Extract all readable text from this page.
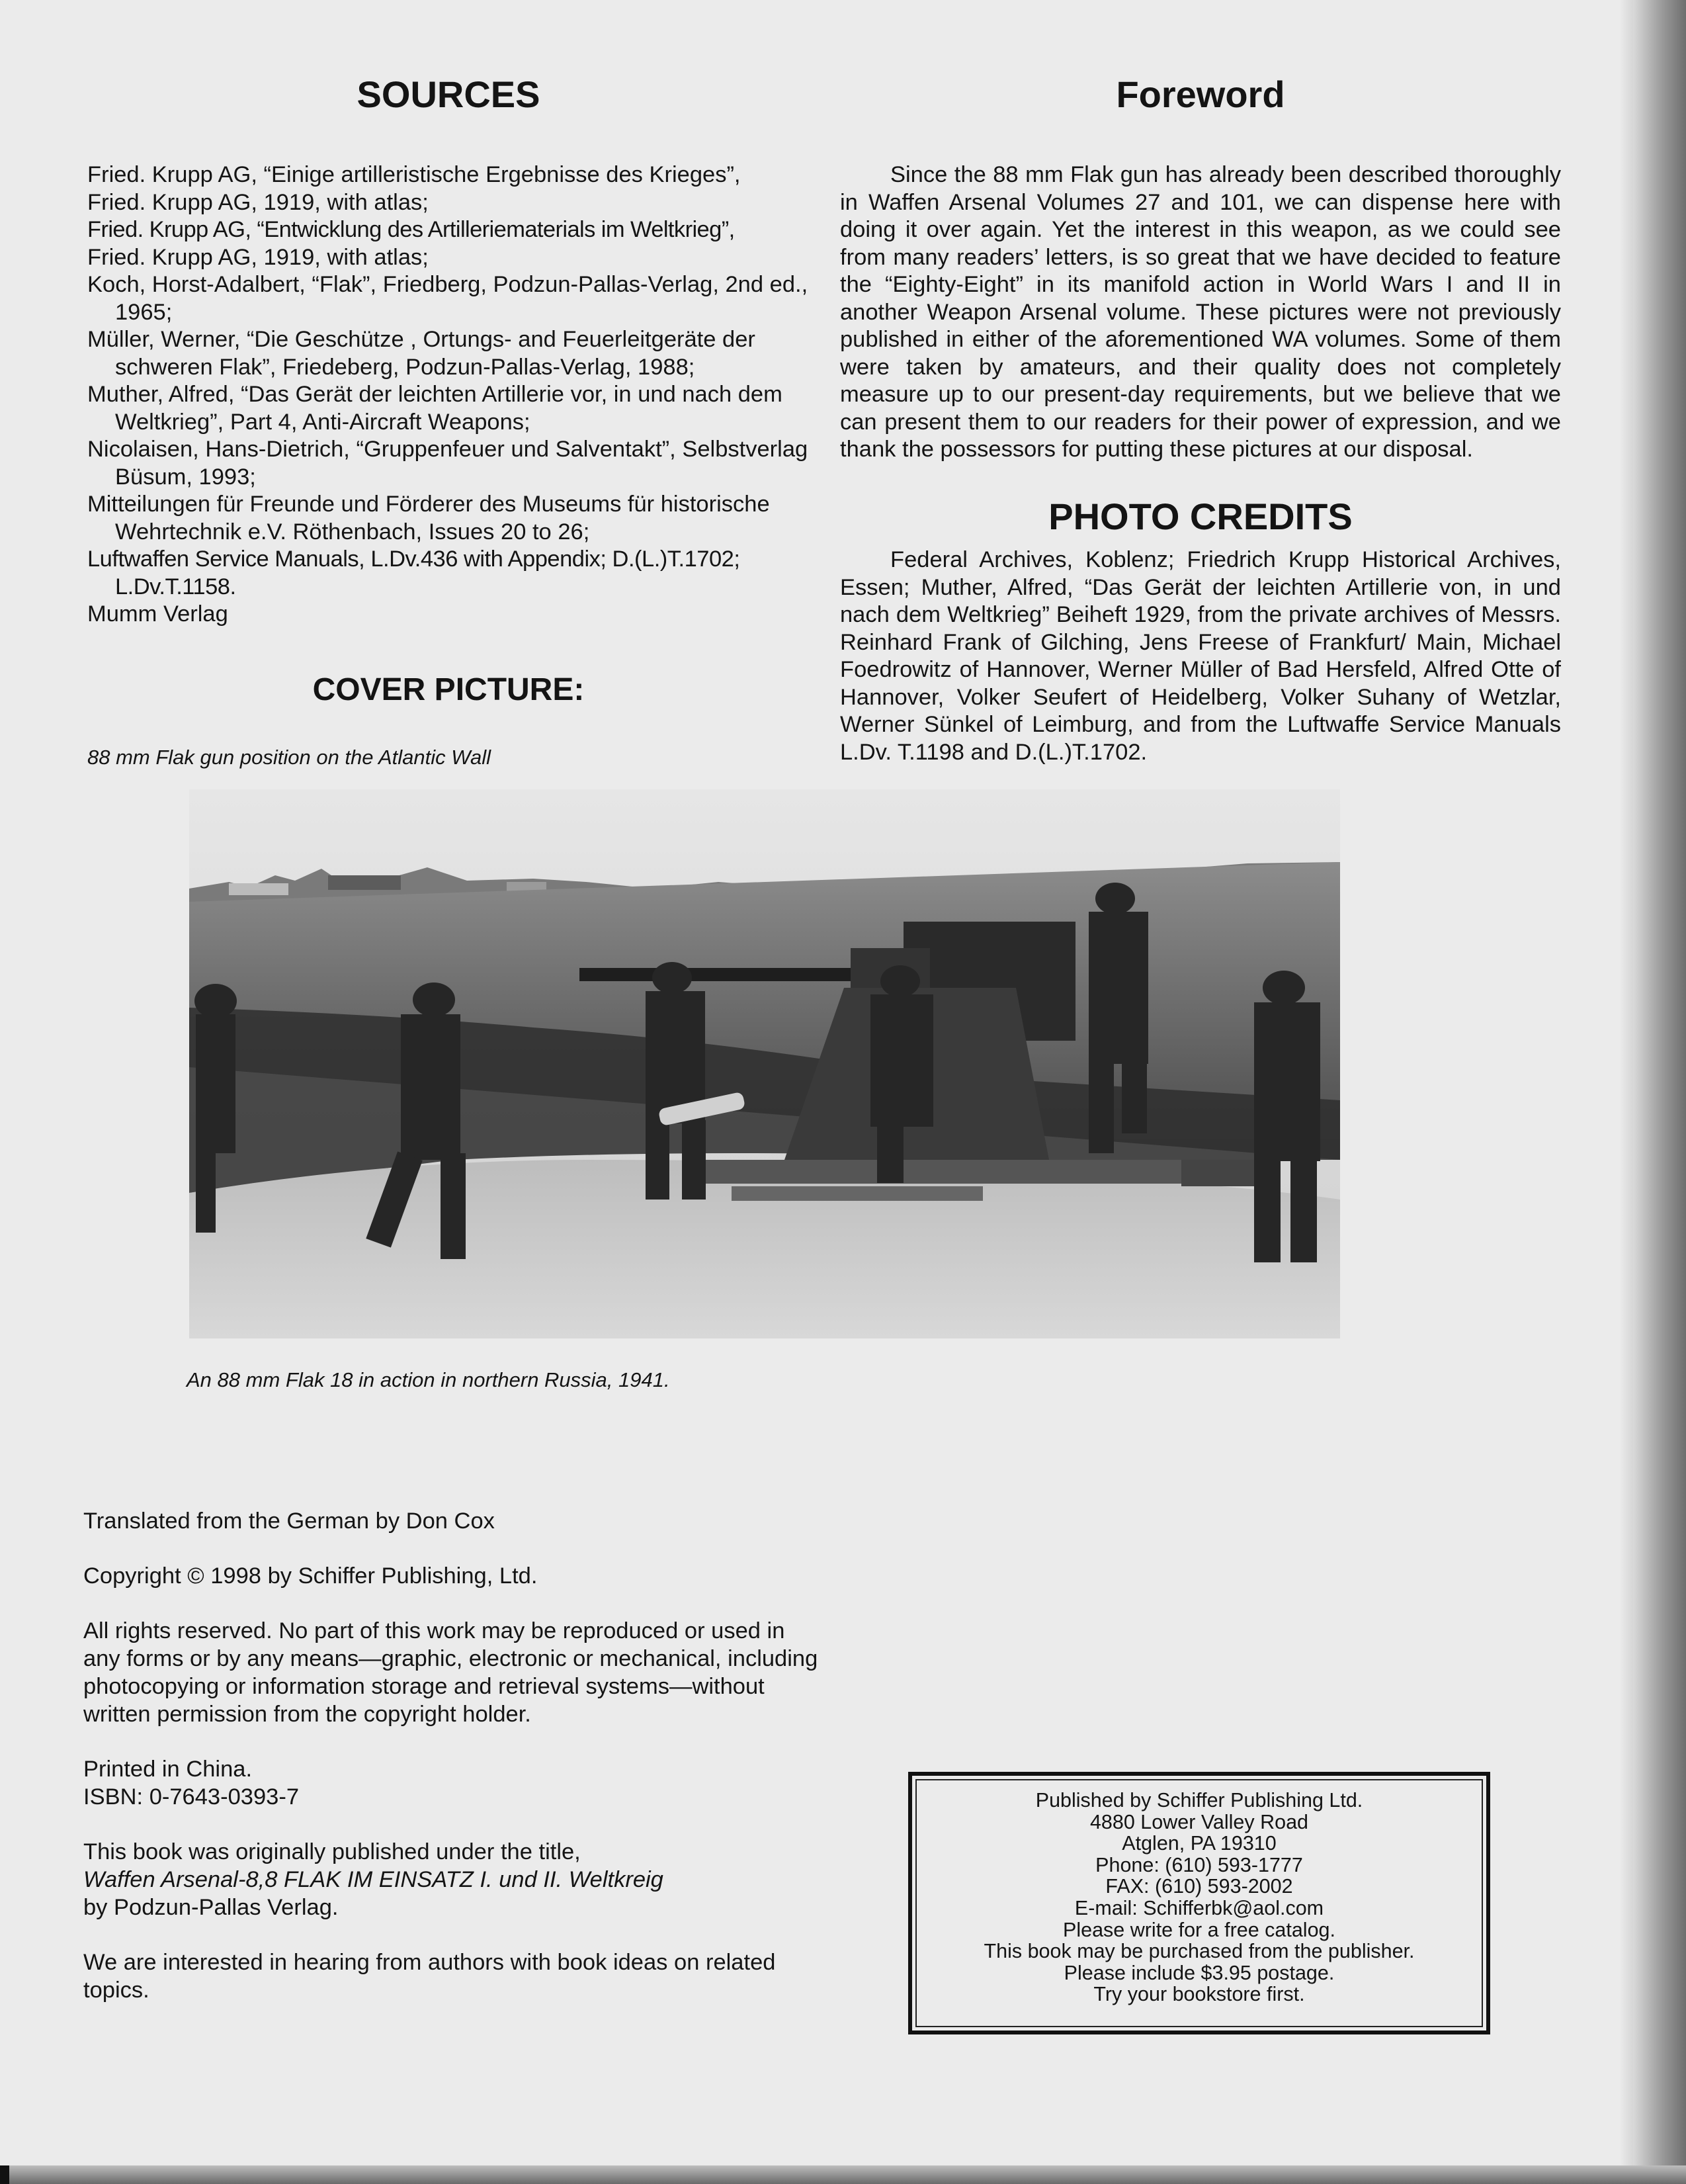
SOURCES
Fried. Krupp AG, “Einige artilleristische Ergebnisse des Krieges”,
Fried. Krupp AG, 1919, with atlas;
Fried. Krupp AG, “Entwicklung des Artilleriematerials im Weltkrieg”,
Fried. Krupp AG, 1919, with atlas;
Koch, Horst-Adalbert, “Flak”, Friedberg, Podzun-Pallas-Verlag, 2nd ed., 1965;
Müller, Werner, “Die Geschütze , Ortungs- and Feuerleitgeräte der schweren Flak”, Friedeberg, Podzun-Pallas-Verlag, 1988;
Muther, Alfred, “Das Gerät der leichten Artillerie vor, in und nach dem Weltkrieg”, Part 4, Anti-Aircraft Weapons;
Nicolaisen, Hans-Dietrich, “Gruppenfeuer und Salventakt”, Selbstverlag Büsum, 1993;
Mitteilungen für Freunde und Förderer des Museums für historische Wehrtechnik e.V. Röthenbach, Issues 20 to 26;
Luftwaffen Service Manuals, L.Dv.436 with Appendix; D.(L.)T.1702; L.Dv.T.1158.
Mumm Verlag
COVER PICTURE:

88 mm Flak gun position on the Atlantic Wall

Foreword

Since the 88 mm Flak gun has already been described thoroughly in Waffen Arsenal Volumes 27 and 101, we can dispense here with doing it over again. Yet the interest in this weapon, as we could see from many readers’ letters, is so great that we have decided to feature the “Eighty-Eight” in its manifold action in World Wars I and II in another Weapon Arsenal volume. These pictures were not previously published in either of the aforementioned WA volumes. Some of them were taken by amateurs, and their quality does not completely measure up to our present-day requirements, but we believe that we can present them to our readers for their power of expression, and we thank the possessors for putting these pictures at our disposal.

PHOTO CREDITS

Federal Archives, Koblenz; Friedrich Krupp Historical Archives, Essen; Muther, Alfred, “Das Gerät der leichten Artillerie von, in und nach dem Weltkrieg” Beiheft 1929, from the private archives of Messrs. Reinhard Frank of Gilching, Jens Freese of Frankfurt/ Main, Michael Foedrowitz of Hannover, Werner Müller of Bad Hersfeld, Alfred Otte of Hannover, Volker Seufert of Heidelberg, Volker Suhany of Wetzlar, Werner Sünkel of Leimburg, and from the Luftwaffe Service Manuals L.Dv. T.1198 and D.(L.)T.1702.

An 88 mm Flak 18 in action in northern Russia, 1941.

Translated from the German by Don Cox

Copyright © 1998 by Schiffer Publishing, Ltd.

All rights reserved. No part of this work may be reproduced or used in any forms or by any means—graphic, electronic or mechanical, including photocopying or information storage and retrieval systems—without written permission from the copyright holder.

Printed in China.
ISBN: 0-7643-0393-7

This book was originally published under the title,
Waffen Arsenal-8,8 FLAK IM EINSATZ I. und II. Weltkreig
by Podzun-Pallas Verlag.

We are interested in hearing from authors with book ideas on related topics.

Published by Schiffer Publishing Ltd.
4880 Lower Valley Road
Atglen, PA 19310
Phone: (610) 593-1777
FAX: (610) 593-2002
E-mail: Schifferbk@aol.com
Please write for a free catalog.
This book may be purchased from the publisher.
Please include $3.95 postage.
Try your bookstore first.
